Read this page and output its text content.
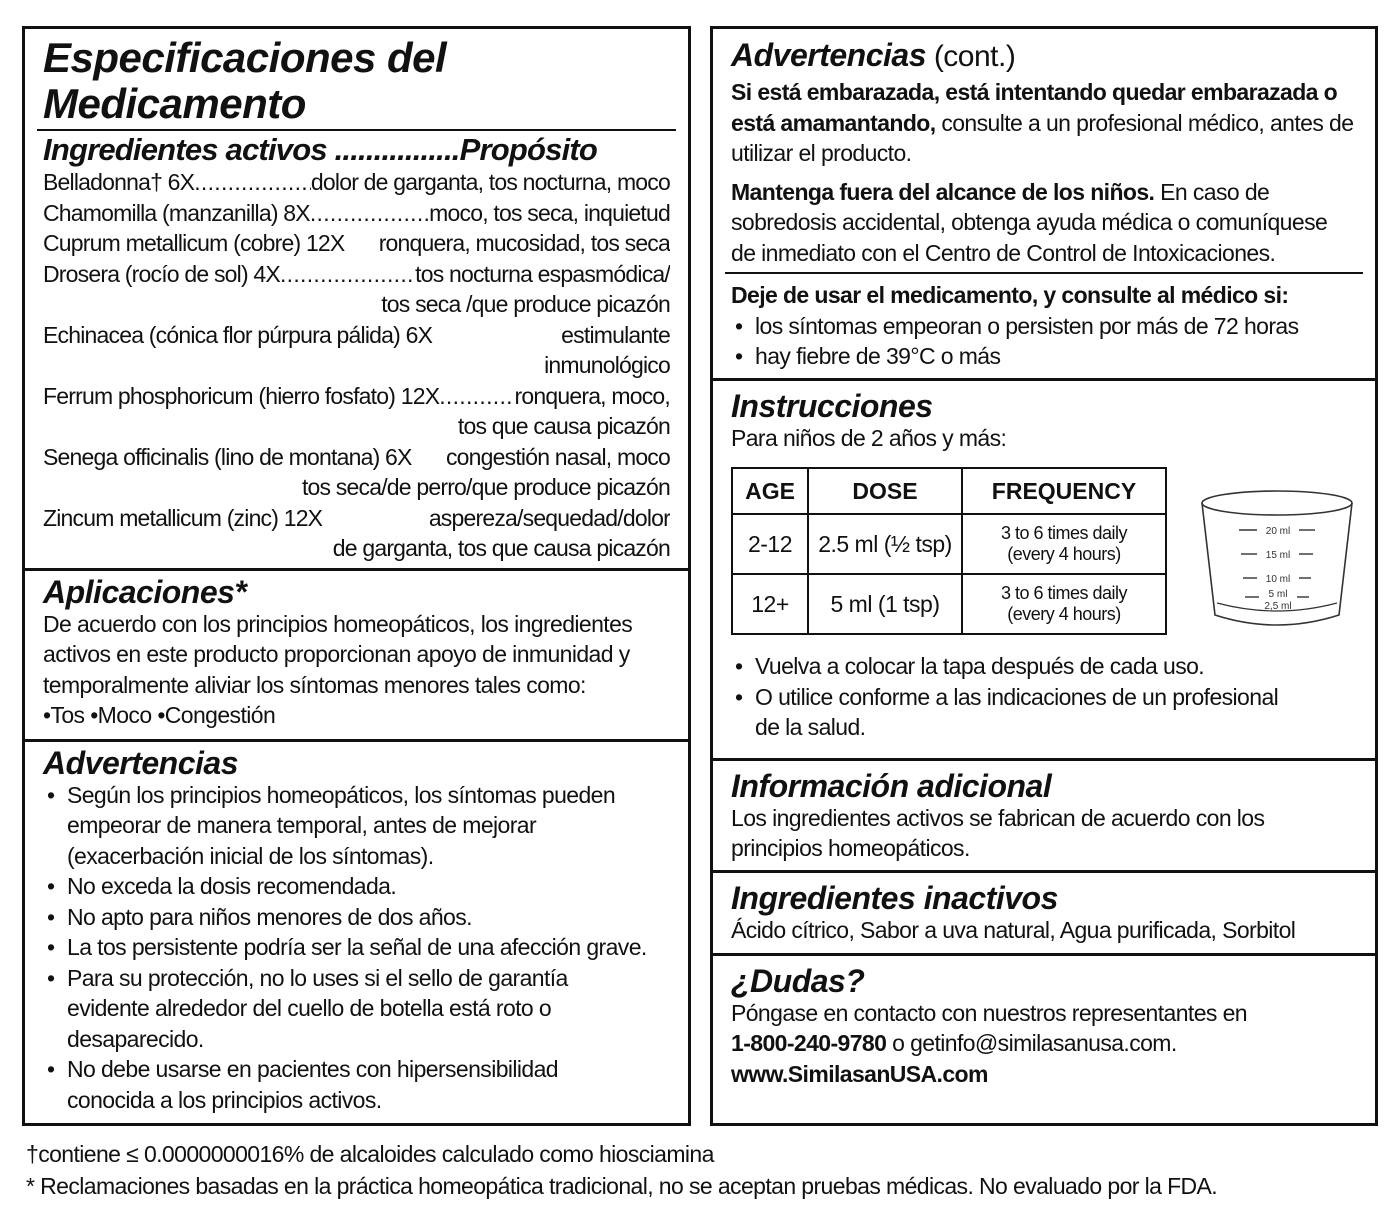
Especificaciones del
Medicamento
Ingredientes activos ................Propósito
Belladonna† 6X .....	dolor de garganta, tos nocturna, moco
Chamomilla (manzanilla) 8X .....	moco, tos seca, inquietud
Cuprum metallicum (cobre) 12X ronquera, mucosidad, tos seca
Drosera (rocío de sol) 4X .....	tos nocturna espasmódica/
tos seca /que produce picazón
Echinacea (cónica flor púrpura pálida) 6X	estimulante
inmunológico
Ferrum phosphoricum (hierro fosfato) 12X .....	ronquera, moco,
tos que causa picazón
Senega officinalis (lino de montana) 6X congestión nasal, moco
tos seca/de perro/que produce picazón
Zincum metallicum (zinc) 12X	aspereza/sequedad/dolor
de garganta, tos que causa picazón
Aplicaciones*
De acuerdo con los principios homeopáticos, los ingredientes
activos en este producto proporcionan apoyo de inmunidad y
temporalmente aliviar los síntomas menores tales como:
•Tos •Moco •Congestión
Advertencias
• Según los principios homeopáticos, los síntomas pueden empeorar de manera temporal, antes de mejorar (exacerbación inicial de los síntomas).
• No exceda la dosis recomendada.
• No apto para niños menores de dos años.
• La tos persistente podría ser la señal de una afección grave.
• Para su protección, no lo uses si el sello de garantía evidente alrededor del cuello de botella está roto o desaparecido.
• No debe usarse en pacientes con hipersensibilidad conocida a los principios activos.
Advertencias (cont.)
Si está embarazada, está intentando quedar embarazada o está amamantando, consulte a un profesional médico, antes de utilizar el producto.
Mantenga fuera del alcance de los niños. En caso de sobredosis accidental, obtenga ayuda médica o comuníquese de inmediato con el Centro de Control de Intoxicaciones.
Deje de usar el medicamento, y consulte al médico si:
• los síntomas empeoran o persisten por más de 72 horas
• hay fiebre de 39°C o más
Instrucciones
Para niños de 2 años y más:
AGE	DOSE	FREQUENCY
2-12	2.5 ml (½ tsp)	3 to 6 times daily
(every 4 hours)
12+	5 ml (1 tsp)	3 to 6 times daily
(every 4 hours)
20 ml
15 ml
10 ml
5 ml
2,5 ml
• Vuelva a colocar la tapa después de cada uso.
• O utilice conforme a las indicaciones de un profesional de la salud.
Información adicional
Los ingredientes activos se fabrican de acuerdo con los principios homeopáticos.
Ingredientes inactivos
Ácido cítrico, Sabor a uva natural, Agua purificada, Sorbitol
¿Dudas?
Póngase en contacto con nuestros representantes en
1-800-240-9780 o getinfo@similasanusa.com.
www.SimilasanUSA.com
†contiene ≤ 0.0000000016% de alcaloides calculado como hiosciamina
* Reclamaciones basadas en la práctica homeopática tradicional, no se aceptan pruebas médicas. No evaluado por la FDA.
